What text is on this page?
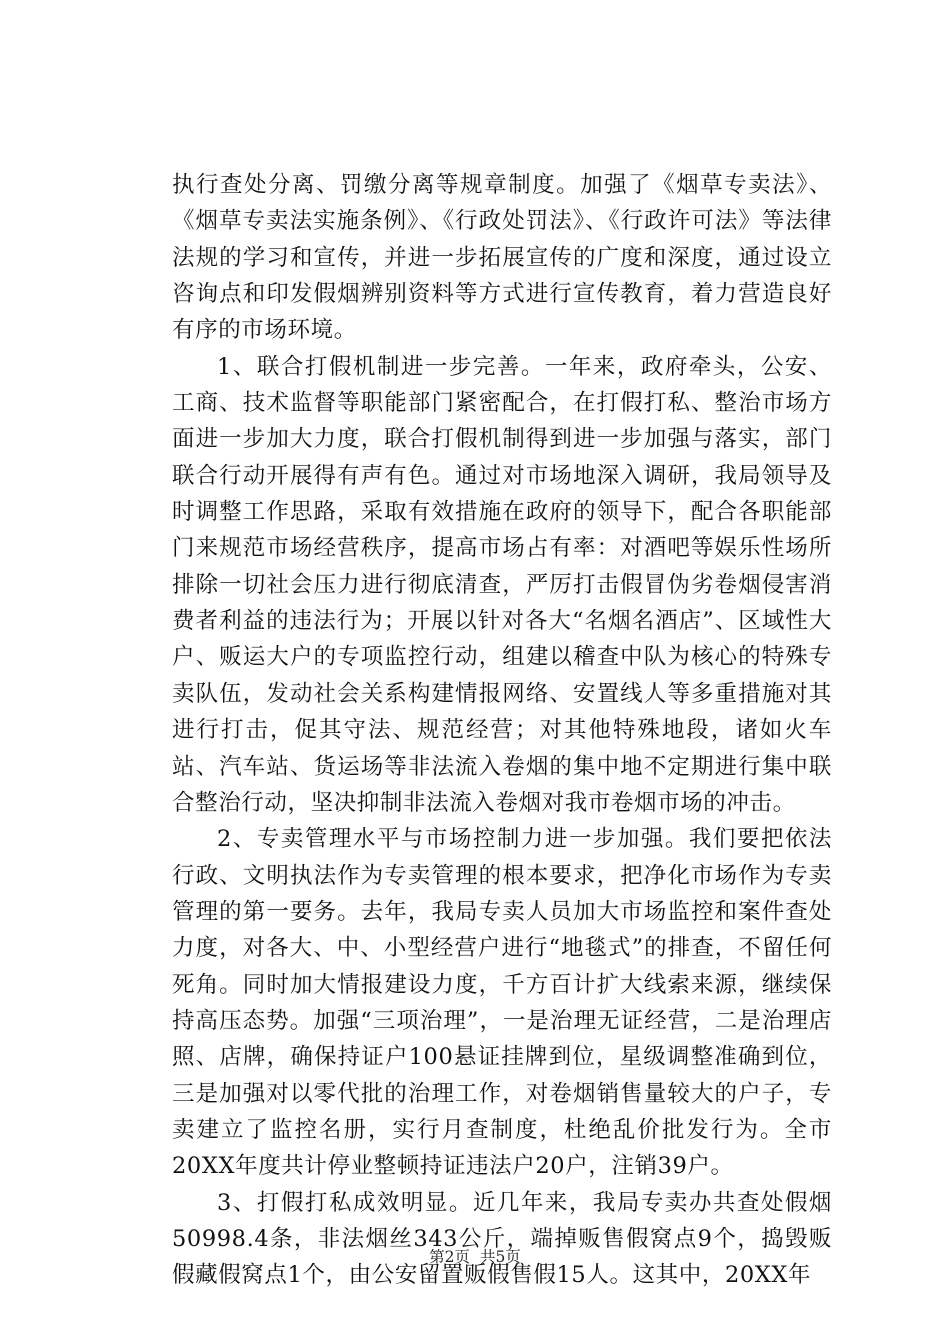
执行查处分离、罚缴分离等规章制度。加强了《烟草专卖法》、《烟草专卖法实施条例》、《行政处罚法》、《行政许可法》等法律法规的学习和宣传，并进一步拓展宣传的广度和深度，通过设立咨询点和印发假烟辨别资料等方式进行宣传教育，着力营造良好有序的市场环境。

1、联合打假机制进一步完善。一年来，政府牵头，公安、工商、技术监督等职能部门紧密配合，在打假打私、整治市场方面进一步加大力度，联合打假机制得到进一步加强与落实，部门联合行动开展得有声有色。通过对市场地深入调研，我局领导及时调整工作思路，采取有效措施在政府的领导下，配合各职能部门来规范市场经营秩序，提高市场占有率：对酒吧等娱乐性场所排除一切社会压力进行彻底清查，严厉打击假冒伪劣卷烟侵害消费者利益的违法行为；开展以针对各大“名烟名酒店”、区域性大户、贩运大户的专项监控行动，组建以稽查中队为核心的特殊专卖队伍，发动社会关系构建情报网络、安置线人等多重措施对其进行打击，促其守法、规范经营；对其他特殊地段，诸如火车站、汽车站、货运场等非法流入卷烟的集中地不定期进行集中联合整治行动，坚决抑制非法流入卷烟对我市卷烟市场的冲击。

2、专卖管理水平与市场控制力进一步加强。我们要把依法行政、文明执法作为专卖管理的根本要求，把净化市场作为专卖管理的第一要务。去年，我局专卖人员加大市场监控和案件查处力度，对各大、中、小型经营户进行“地毯式”的排查，不留任何死角。同时加大情报建设力度，千方百计扩大线索来源，继续保持高压态势。加强“三项治理”，一是治理无证经营，二是治理店照、店牌，确保持证户100悬证挂牌到位，星级调整准确到位，三是加强对以零代批的治理工作，对卷烟销售量较大的户子，专卖建立了监控名册，实行月查制度，杜绝乱价批发行为。全市20XX年度共计停业整顿持证违法户20户，注销39户。

3、打假打私成效明显。近几年来，我局专卖办共查处假烟50998.4条，非法烟丝343公斤，端掉贩售假窝点9个，捣毁贩假藏假窝点1个，由公安留置贩假售假15人。这其中，20XX年

第2页 共5页
